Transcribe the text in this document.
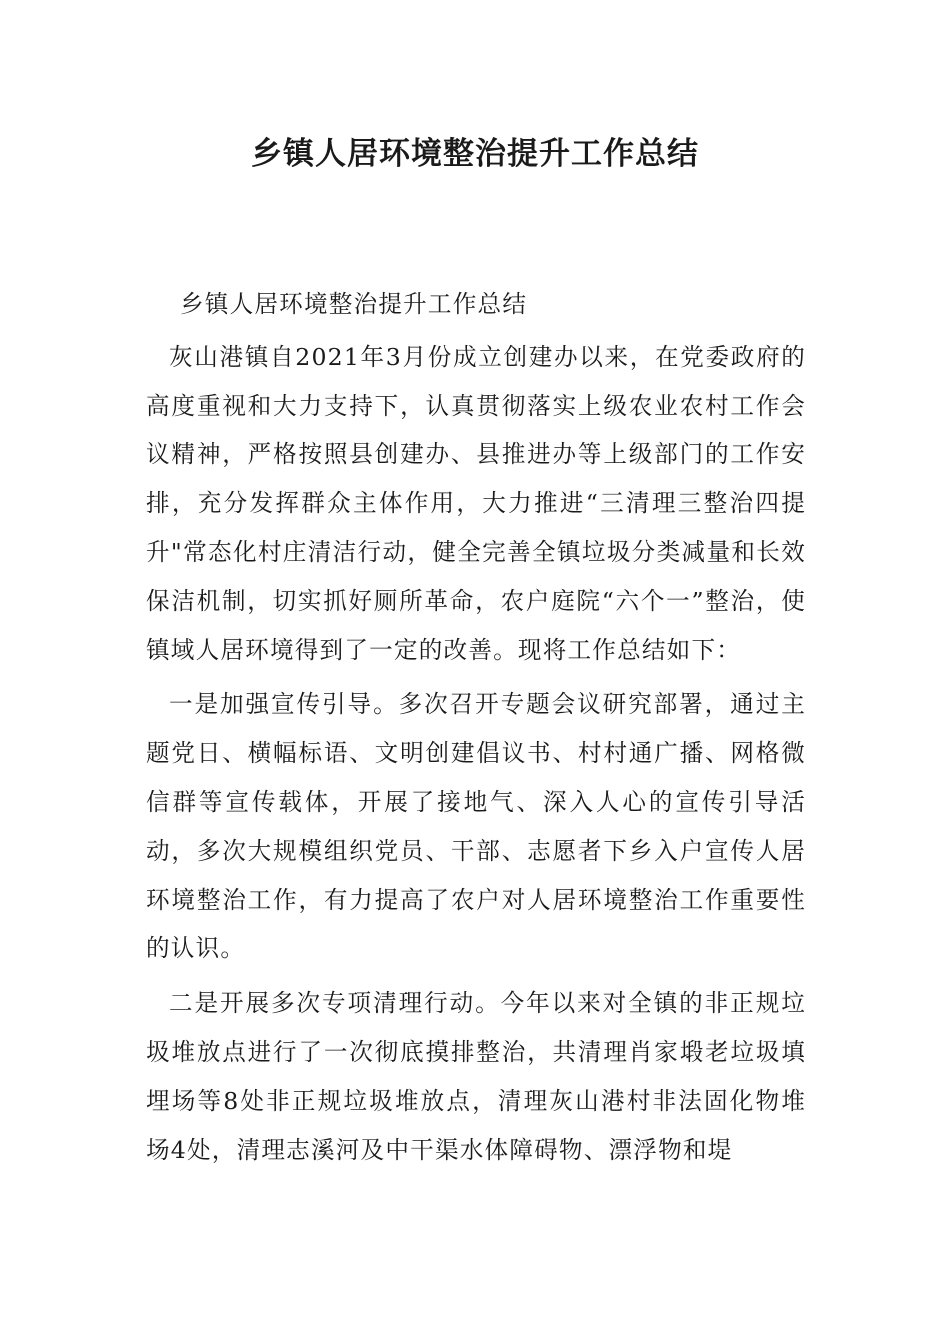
乡镇人居环境整治提升工作总结

乡镇人居环境整治提升工作总结

灰山港镇自2021年3月份成立创建办以来，在党委政府的高度重视和大力支持下，认真贯彻落实上级农业农村工作会议精神，严格按照县创建办、县推进办等上级部门的工作安排，充分发挥群众主体作用，大力推进“三清理三整治四提升"常态化村庄清洁行动，健全完善全镇垃圾分类减量和长效保洁机制，切实抓好厕所革命，农户庭院“六个一”整治，使镇域人居环境得到了一定的改善。现将工作总结如下：

一是加强宣传引导。多次召开专题会议研究部署，通过主题党日、横幅标语、文明创建倡议书、村村通广播、网格微信群等宣传载体，开展了接地气、深入人心的宣传引导活动，多次大规模组织党员、干部、志愿者下乡入户宣传人居环境整治工作，有力提高了农户对人居环境整治工作重要性的认识。

二是开展多次专项清理行动。今年以来对全镇的非正规垃圾堆放点进行了一次彻底摸排整治，共清理肖家塅老垃圾填埋场等8处非正规垃圾堆放点，清理灰山港村非法固化物堆场4处，清理志溪河及中干渠水体障碍物、漂浮物和堤
